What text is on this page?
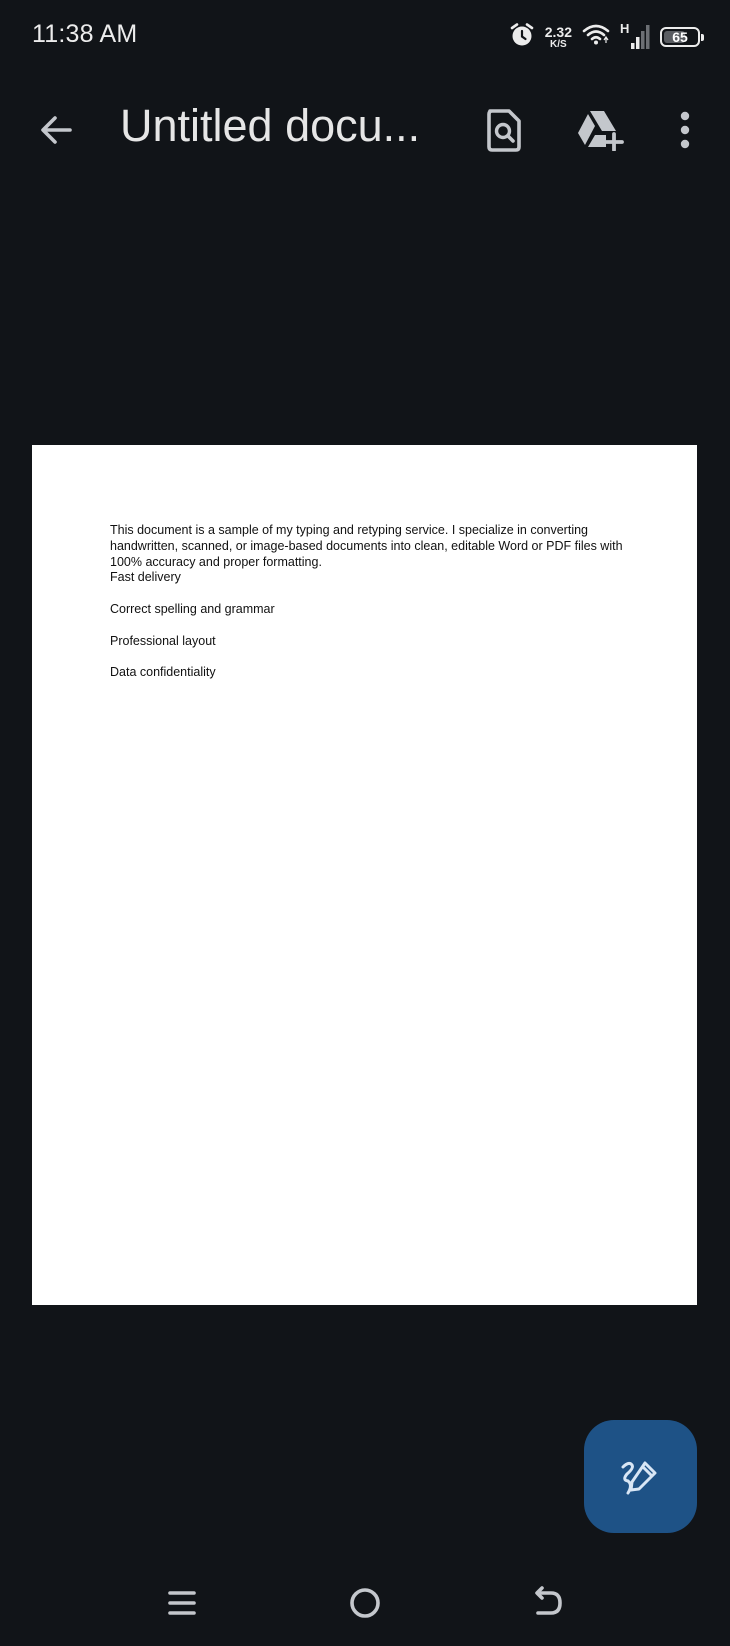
11:38 AM	2.32
K/S
H
65
Untitled docu...

This document is a sample of my typing and retyping service. I specialize in converting handwritten, scanned, or image-based documents into clean, editable Word or PDF files with 100% accuracy and proper formatting.

Fast delivery

Correct spelling and grammar

Professional layout

Data confidentiality
